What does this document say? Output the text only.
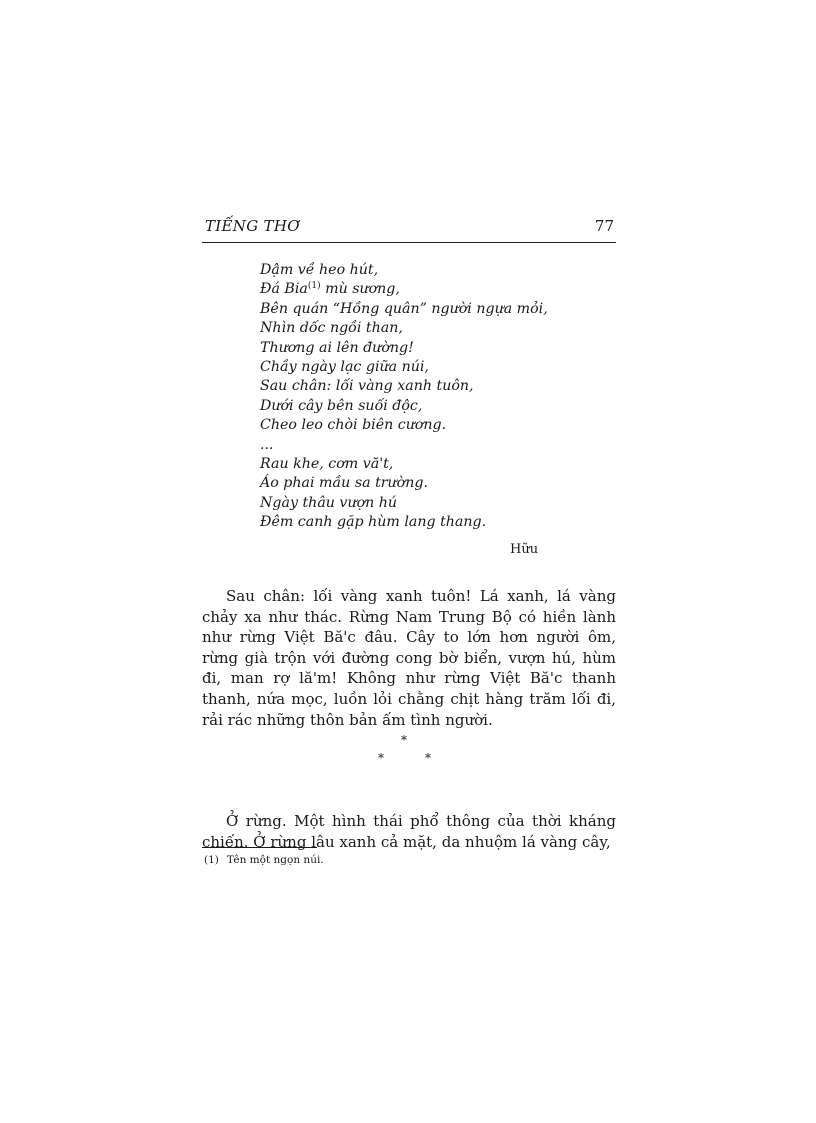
TIẾNG THƠ	77
Dậm về heo hút,
Đá Bia$^{(1)}$ mù sương,
Bên quán “Hồng quân” người ngựa mỏi,
Nhìn dốc ngồi than,
Thương ai lên đường!
Chầy ngày lạc giữa núi,
Sau chân: lối vàng xanh tuôn,
Dưới cây bên suối độc,
Cheo leo chòi biên cương.
...
Rau khe, cơm vă't,
Áo phai mầu sa trường.
Ngày thâu vượn hú
Đêm canh gặp hùm lang thang.
Hữu

Sau chân: lối vàng xanh tuôn! Lá xanh, lá vàng chảy xa như thác. Rừng Nam Trung Bộ có hiền lành như rừng Việt Bă'c đâu. Cây to lớn hơn người ôm, rừng già trộn với đường cong bờ biển, vượn hú, hùm đi, man rợ lă'm! Không như rừng Việt Bă'c thanh thanh, nứa mọc, luồn lỏi chằng chịt hàng trăm lối đi, rải rác những thôn bản ấm tình người.

*
*	*

Ở rừng. Một hình thái phổ thông của thời kháng chiến. Ở rừng lâu xanh cả mặt, da nhuộm lá vàng cây,

(1) Tên một ngọn núi.
